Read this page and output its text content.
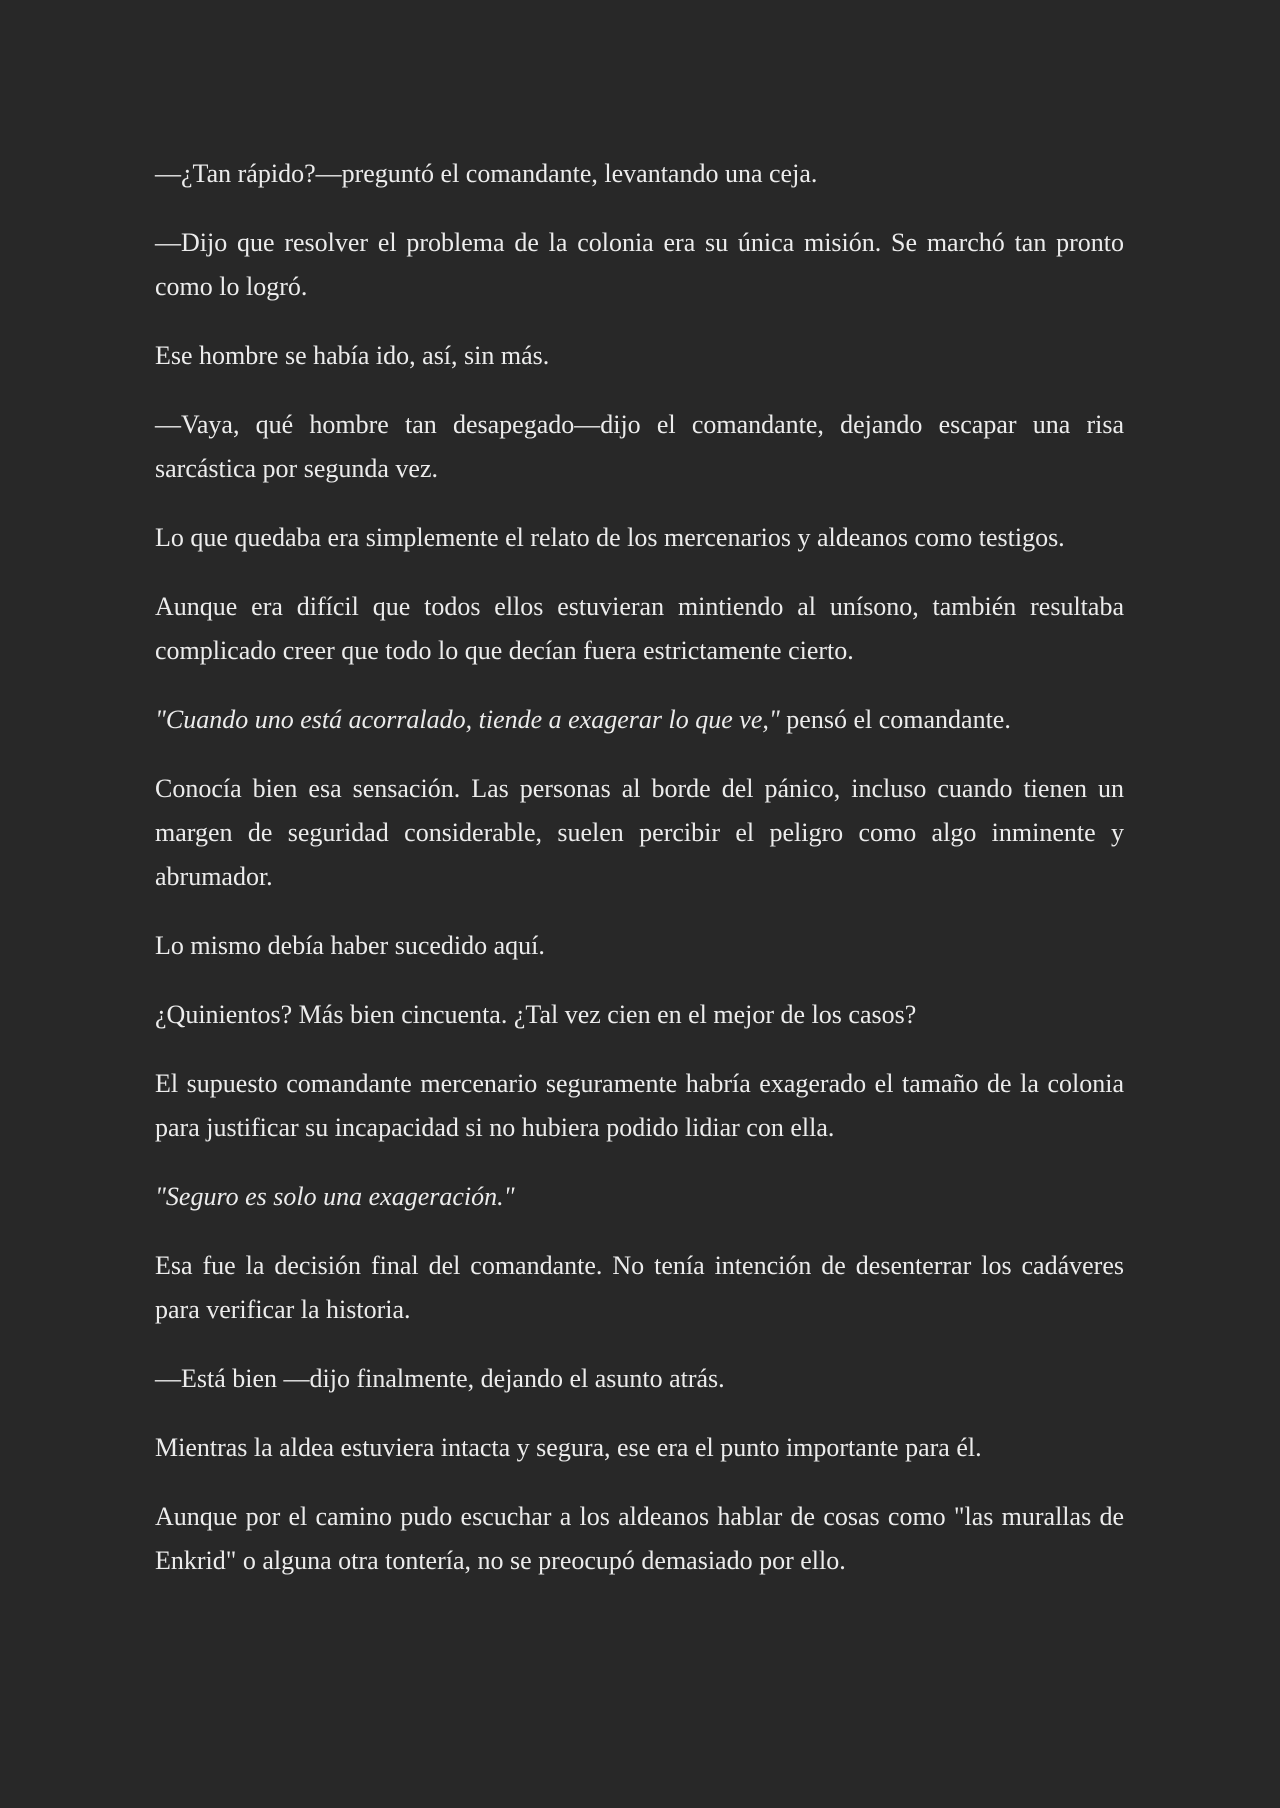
—¿Tan rápido?—preguntó el comandante, levantando una ceja.

—Dijo que resolver el problema de la colonia era su única misión. Se marchó tan pronto como lo logró.

Ese hombre se había ido, así, sin más.

—Vaya, qué hombre tan desapegado—dijo el comandante, dejando escapar una risa sarcástica por segunda vez.

Lo que quedaba era simplemente el relato de los mercenarios y aldeanos como testigos.

Aunque era difícil que todos ellos estuvieran mintiendo al unísono, también resultaba complicado creer que todo lo que decían fuera estrictamente cierto.

"Cuando uno está acorralado, tiende a exagerar lo que ve," pensó el comandante.

Conocía bien esa sensación. Las personas al borde del pánico, incluso cuando tienen un margen de seguridad considerable, suelen percibir el peligro como algo inminente y abrumador.

Lo mismo debía haber sucedido aquí.

¿Quinientos? Más bien cincuenta. ¿Tal vez cien en el mejor de los casos?

El supuesto comandante mercenario seguramente habría exagerado el tamaño de la colonia para justificar su incapacidad si no hubiera podido lidiar con ella.

"Seguro es solo una exageración."

Esa fue la decisión final del comandante. No tenía intención de desenterrar los cadáveres para verificar la historia.

—Está bien —dijo finalmente, dejando el asunto atrás.

Mientras la aldea estuviera intacta y segura, ese era el punto importante para él.

Aunque por el camino pudo escuchar a los aldeanos hablar de cosas como "las murallas de Enkrid" o alguna otra tontería, no se preocupó demasiado por ello.
